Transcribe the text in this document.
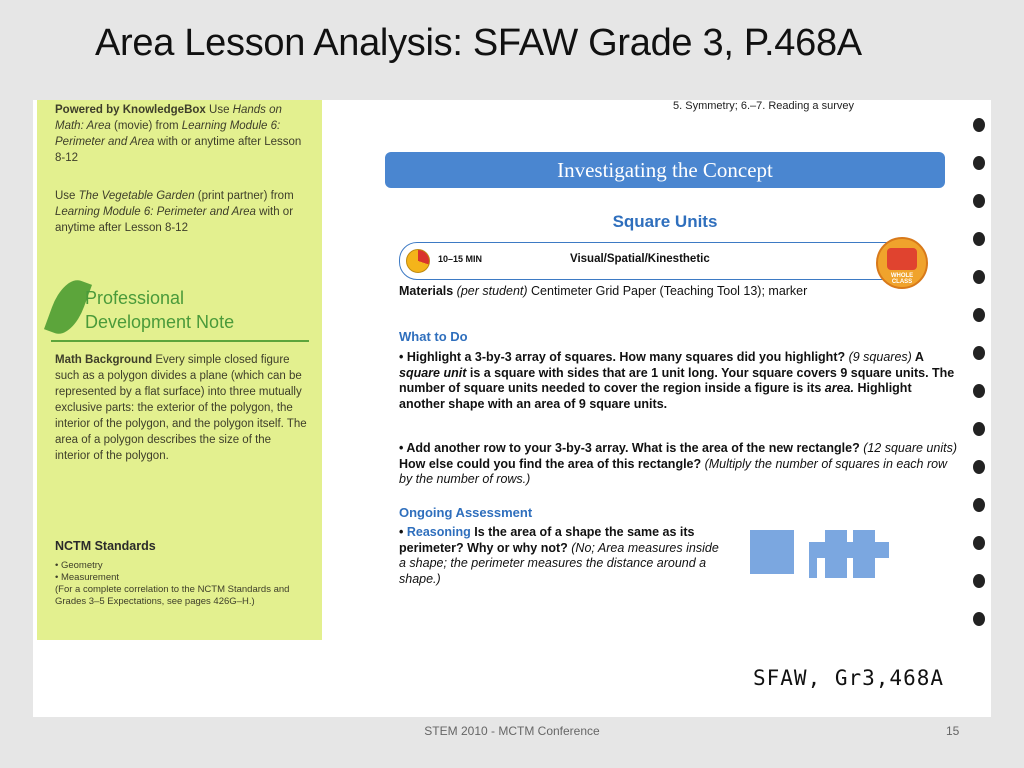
Area Lesson Analysis: SFAW Grade 3, P.468A
Powered by KnowledgeBox Use Hands on Math: Area (movie) from Learning Module 6: Perimeter and Area with or anytime after Lesson 8-12
Use The Vegetable Garden (print partner) from Learning Module 6: Perimeter and Area with or anytime after Lesson 8-12
Professional
Development Note
Math Background Every simple closed figure such as a polygon divides a plane (which can be represented by a flat surface) into three mutually exclusive parts: the exterior of the polygon, the interior of the polygon, and the polygon itself. The area of a polygon describes the size of the interior of the polygon.
NCTM Standards
• Geometry
• Measurement
(For a complete correlation to the NCTM Standards and Grades 3–5 Expectations, see pages 426G–H.)
5. Symmetry; 6.–7. Reading a survey
Investigating the Concept
Square Units
10–15 MIN	Visual/Spatial/Kinesthetic
WHOLE CLASS
Materials (per student) Centimeter Grid Paper (Teaching Tool 13); marker
What to Do
• Highlight a 3-by-3 array of squares. How many squares did you highlight? (9 squares) A square unit is a square with sides that are 1 unit long. Your square covers 9 square units. The number of square units needed to cover the region inside a figure is its area. Highlight another shape with an area of 9 square units.
• Add another row to your 3-by-3 array. What is the area of the new rectangle? (12 square units) How else could you find the area of this rectangle? (Multiply the number of squares in each row by the number of rows.)
Ongoing Assessment
• Reasoning Is the area of a shape the same as its perimeter? Why or why not? (No; Area measures inside a shape; the perimeter measures the distance around a shape.)
SFAW, Gr3,468A
STEM 2010 - MCTM Conference	15
